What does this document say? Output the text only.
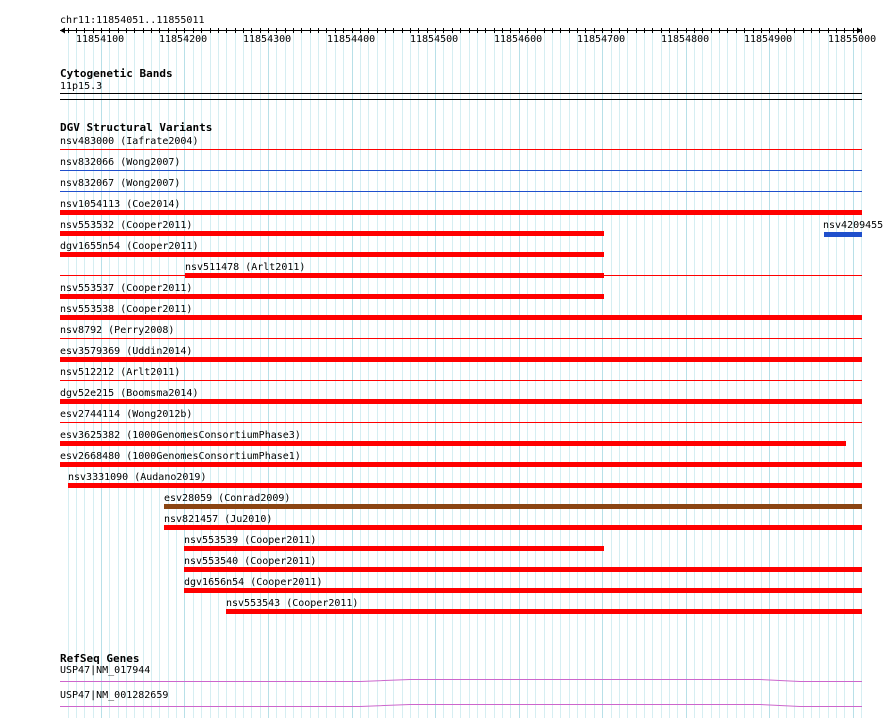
chr11:11854051..11855011
11854100	11854200	11854300	11854400	11854500	11854600	11854700	11854800	11854900	11855000
Cytogenetic Bands
11p15.3
DGV Structural Variants
nsv483000 (Iafrate2004)
nsv832066 (Wong2007)
nsv832067 (Wong2007)
nsv1054113 (Coe2014)
nsv553532 (Cooper2011)
dgv1655n54 (Cooper2011)
nsv511478 (Arlt2011)
nsv553537 (Cooper2011)
nsv553538 (Cooper2011)
nsv8792 (Perry2008)
esv3579369 (Uddin2014)
nsv512212 (Arlt2011)
dgv52e215 (Boomsma2014)
esv2744114 (Wong2012b)
esv3625382 (1000GenomesConsortiumPhase3)
esv2668480 (1000GenomesConsortiumPhase1)
nsv3331090 (Audano2019)
esv28059 (Conrad2009)
nsv821457 (Ju2010)
nsv553539 (Cooper2011)
nsv553540 (Cooper2011)
dgv1656n54 (Cooper2011)
nsv553543 (Cooper2011)
nsv4209455
RefSeq Genes
USP47|NM_017944
USP47|NM_001282659
